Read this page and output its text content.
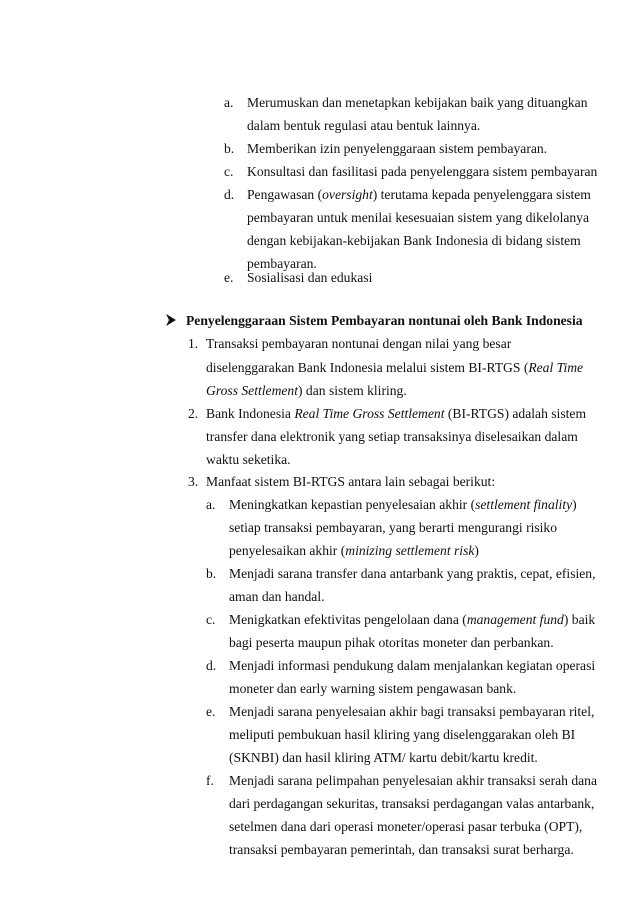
a. Merumuskan dan menetapkan kebijakan baik yang dituangkan
dalam bentuk regulasi atau bentuk lainnya.
b. Memberikan izin penyelenggaraan sistem pembayaran.
c. Konsultasi dan fasilitasi pada penyelenggara sistem pembayaran
d. Pengawasan (oversight) terutama kepada penyelenggara sistem
pembayaran untuk menilai kesesuaian sistem yang dikelolanya
dengan kebijakan-kebijakan Bank Indonesia di bidang sistem
pembayaran.
e. Sosialisasi dan edukasi
Penyelenggaraan Sistem Pembayaran nontunai oleh Bank Indonesia
1. Transaksi pembayaran nontunai dengan nilai yang besar
diselenggarakan Bank Indonesia melalui sistem BI-RTGS (Real Time
Gross Settlement) dan sistem kliring.
2. Bank Indonesia Real Time Gross Settlement (BI-RTGS) adalah sistem
transfer dana elektronik yang setiap transaksinya diselesaikan dalam
waktu seketika.
3. Manfaat sistem BI-RTGS antara lain sebagai berikut:
a. Meningkatkan kepastian penyelesaian akhir (settlement finality)
setiap transaksi pembayaran, yang berarti mengurangi risiko
penyelesaikan akhir (minizing settlement risk)
b. Menjadi sarana transfer dana antarbank yang praktis, cepat, efisien,
aman dan handal.
c. Menigkatkan efektivitas pengelolaan dana (management fund) baik
bagi peserta maupun pihak otoritas moneter dan perbankan.
d. Menjadi informasi pendukung dalam menjalankan kegiatan operasi
moneter dan early warning sistem pengawasan bank.
e. Menjadi sarana penyelesaian akhir bagi transaksi pembayaran ritel,
meliputi pembukuan hasil kliring yang diselenggarakan oleh BI
(SKNBI) dan hasil kliring ATM/ kartu debit/kartu kredit.
f. Menjadi sarana pelimpahan penyelesaian akhir transaksi serah dana
dari perdagangan sekuritas, transaksi perdagangan valas antarbank,
setelmen dana dari operasi moneter/operasi pasar terbuka (OPT),
transaksi pembayaran pemerintah, dan transaksi surat berharga.
